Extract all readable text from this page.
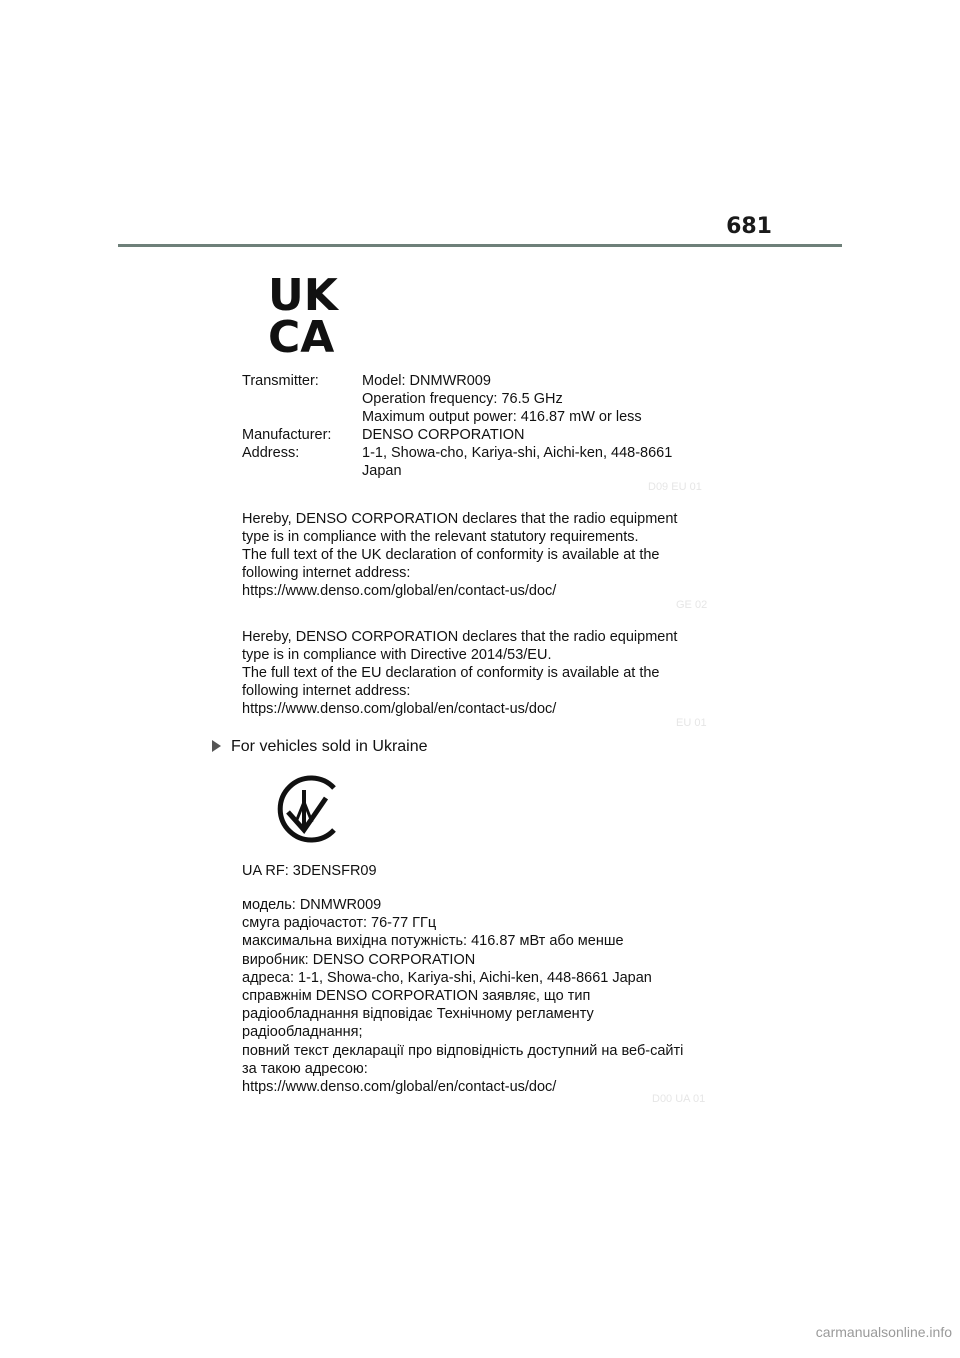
681
UK
CA
Transmitter:	Model: DNMWR009
Operation frequency: 76.5 GHz
Maximum output power: 416.87 mW or less
Manufacturer: DENSO CORPORATION
Address:	1-1, Showa-cho, Kariya-shi, Aichi-ken, 448-8661
Japan
D09 EU 01
Hereby, DENSO CORPORATION declares that the radio equipment
type is in compliance with the relevant statutory requirements.
The full text of the UK declaration of conformity is available at the
following internet address:
https://www.denso.com/global/en/contact-us/doc/
GE 02
Hereby, DENSO CORPORATION declares that the radio equipment
type is in compliance with Directive 2014/53/EU.
The full text of the EU declaration of conformity is available at the
following internet address:
https://www.denso.com/global/en/contact-us/doc/
EU 01
For vehicles sold in Ukraine
UA RF: 3DENSFR09
модель: DNMWR009
смуга радіочастот: 76-77 ГГц
максимальна вихідна потужність: 416.87 мВт або менше
виробник: DENSO CORPORATION
адреса: 1-1, Showa-cho, Kariya-shi, Aichi-ken, 448-8661 Japan
справжнім DENSO CORPORATION заявляє, що тип
радіообладнання відповідає Технічному регламенту
радіообладнання;
повний текст декларації про відповідність доступний на веб-сайті
за такою адресою:
https://www.denso.com/global/en/contact-us/doc/
D00 UA 01
carmanualsonline.info
